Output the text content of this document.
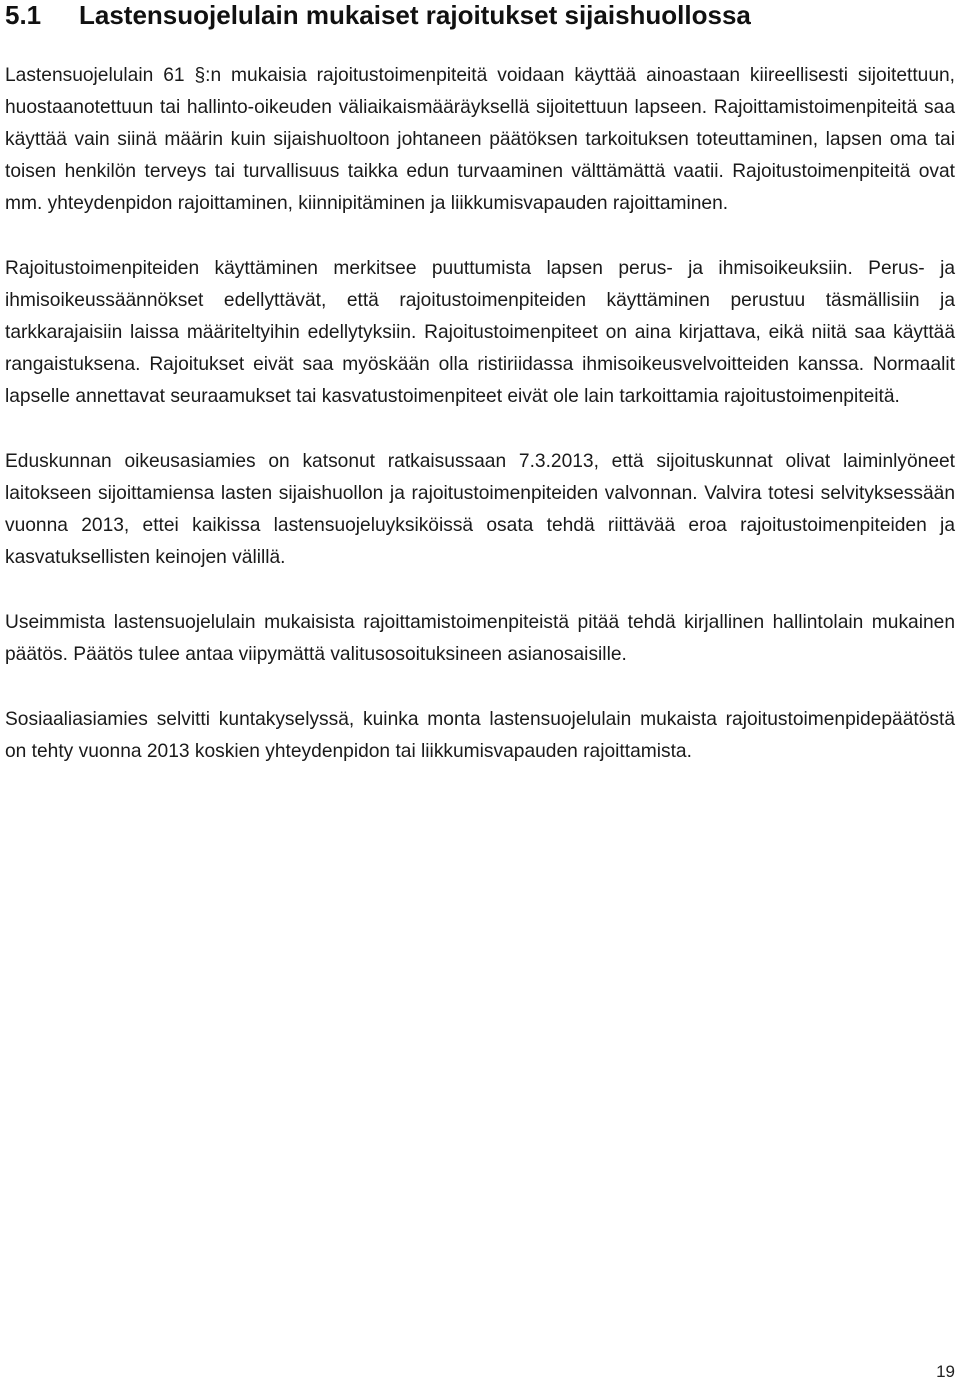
5.1 Lastensuojelulain mukaiset rajoitukset sijaishuollossa

Lastensuojelulain 61 §:n mukaisia rajoitustoimenpiteitä voidaan käyttää ainoastaan kiireellisesti sijoitettuun, huostaanotettuun tai hallinto-oikeuden väliaikaismääräyksellä sijoitettuun lapseen. Rajoittamistoimenpiteitä saa käyttää vain siinä määrin kuin sijaishuoltoon johtaneen päätöksen tarkoituksen toteuttaminen, lapsen oma tai toisen henkilön terveys tai turvallisuus taikka edun turvaaminen välttämättä vaatii. Rajoitustoimenpiteitä ovat mm. yhteydenpidon rajoittaminen, kiinnipitäminen ja liikkumisvapauden rajoittaminen.

Rajoitustoimenpiteiden käyttäminen merkitsee puuttumista lapsen perus- ja ihmisoikeuksiin. Perus- ja ihmisoikeussäännökset edellyttävät, että rajoitustoimenpiteiden käyttäminen perustuu täsmällisiin ja tarkkarajaisiin laissa määriteltyihin edellytyksiin. Rajoitustoimenpiteet on aina kirjattava, eikä niitä saa käyttää rangaistuksena. Rajoitukset eivät saa myöskään olla ristiriidassa ihmisoikeusvelvoitteiden kanssa. Normaalit lapselle annettavat seuraamukset tai kasvatustoimenpiteet eivät ole lain tarkoittamia rajoitustoimenpiteitä.

Eduskunnan oikeusasiamies on katsonut ratkaisussaan 7.3.2013, että sijoituskunnat olivat laiminlyöneet laitokseen sijoittamiensa lasten sijaishuollon ja rajoitustoimenpiteiden valvonnan. Valvira totesi selvityksessään vuonna 2013, ettei kaikissa lastensuojeluyksiköissä osata tehdä riittävää eroa rajoitustoimenpiteiden ja kasvatuksellisten keinojen välillä.

Useimmista lastensuojelulain mukaisista rajoittamistoimenpiteistä pitää tehdä kirjallinen hallintolain mukainen päätös. Päätös tulee antaa viipymättä valitusosoituksineen asianosaisille.

Sosiaaliasiamies selvitti kuntakyselyssä, kuinka monta lastensuojelulain mukaista rajoitustoimenpidepäätöstä on tehty vuonna 2013 koskien yhteydenpidon tai liikkumisvapauden rajoittamista.

19
